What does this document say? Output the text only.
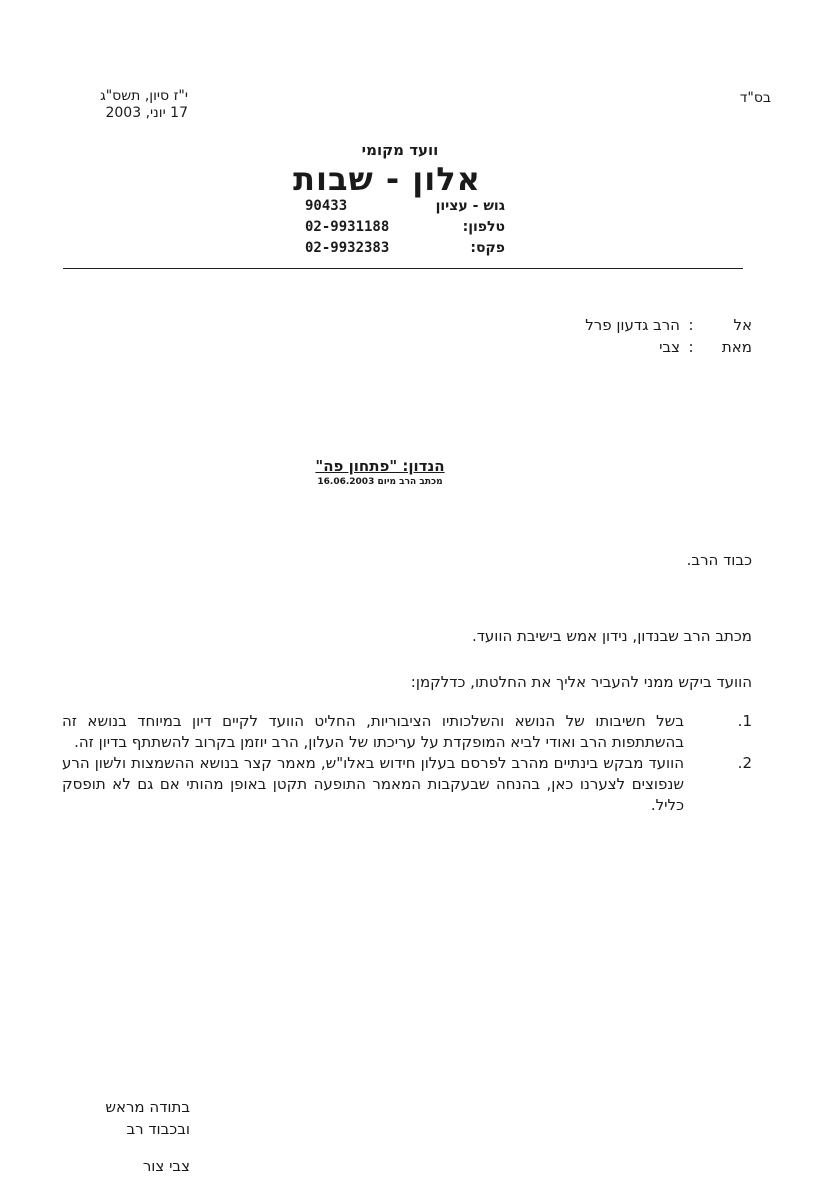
בס"ד
י"ז סיון, תשס"ג
17 יוני, 2003
וועד מקומי
אלון - שבות
גוש - עציון
90433
טלפון:
02-9931188
פקס:
02-9932383
אל
:
הרב גדעון פרל
מאת
:
צבי
הנדון: "פתחון פה"
מכתב הרב מיום 16.06.2003
כבוד הרב.
מכתב הרב שבנדון, נידון אמש בישיבת הוועד.
הוועד ביקש ממני להעביר אליך את החלטתו, כדלקמן:
1.
בשל חשיבותו של הנושא והשלכותיו הציבוריות, החליט הוועד לקיים דיון במיוחד בנושא זה בהשתתפות הרב ואודי לביא המופקדת על עריכתו של העלון, הרב יוזמן בקרוב להשתתף בדיון זה.
2.
הוועד מבקש בינתיים מהרב לפרסם בעלון חידוש באלו"ש, מאמר קצר בנושא ההשמצות ולשון הרע שנפוצים לצערנו כאן, בהנחה שבעקבות המאמר התופעה תקטן באופן מהותי אם גם לא תופסק כליל.
בתודה מראש
ובכבוד רב
צבי צור
